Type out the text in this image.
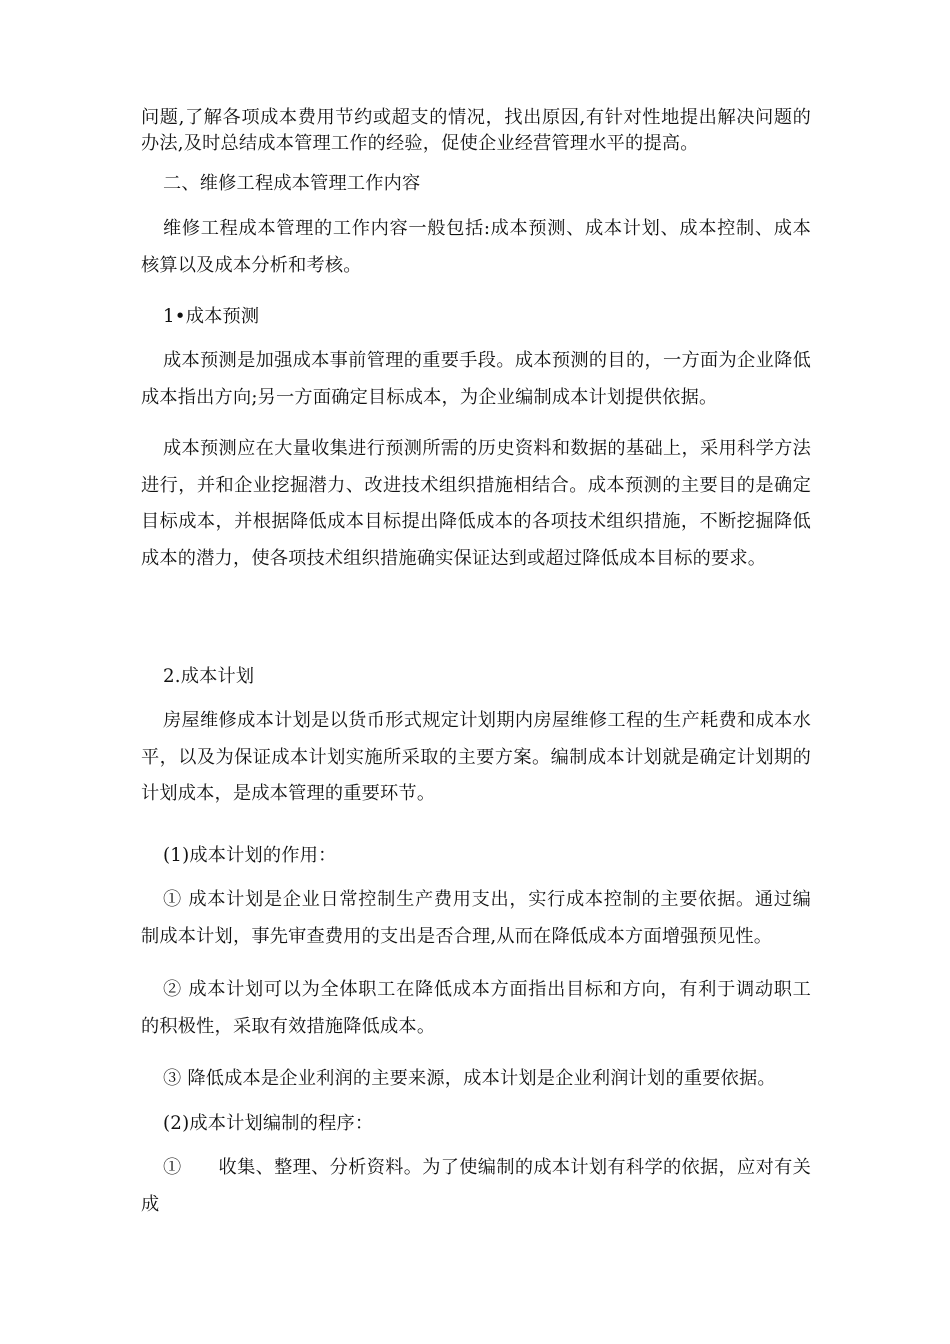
问题,了解各项成本费用节约或超支的情况，找出原因,有针对性地提出解决问题的办法,及时总结成本管理工作的经验，促使企业经营管理水平的提高。

二、维修工程成本管理工作内容

维修工程成本管理的工作内容一般包括:成本预测、成本计划、成本控制、成本核算以及成本分析和考核。

1•成本预测

成本预测是加强成本事前管理的重要手段。成本预测的目的，一方面为企业降低成本指出方向;另一方面确定目标成本，为企业编制成本计划提供依据。

成本预测应在大量收集进行预测所需的历史资料和数据的基础上，采用科学方法进行，并和企业挖掘潜力、改进技术组织措施相结合。成本预测的主要目的是确定目标成本，并根据降低成本目标提出降低成本的各项技术组织措施，不断挖掘降低成本的潜力，使各项技术组织措施确实保证达到或超过降低成本目标的要求。

2.成本计划

房屋维修成本计划是以货币形式规定计划期内房屋维修工程的生产耗费和成本水平，以及为保证成本计划实施所采取的主要方案。编制成本计划就是确定计划期的计划成本，是成本管理的重要环节。

(1)成本计划的作用：

① 成本计划是企业日常控制生产费用支出，实行成本控制的主要依据。通过编制成本计划，事先审查费用的支出是否合理,从而在降低成本方面增强预见性。

② 成本计划可以为全体职工在降低成本方面指出目标和方向，有利于调动职工的积极性，采取有效措施降低成本。

③ 降低成本是企业利润的主要来源，成本计划是企业利润计划的重要依据。

(2)成本计划编制的程序：

①　　收集、整理、分析资料。为了使编制的成本计划有科学的依据，应对有关成
